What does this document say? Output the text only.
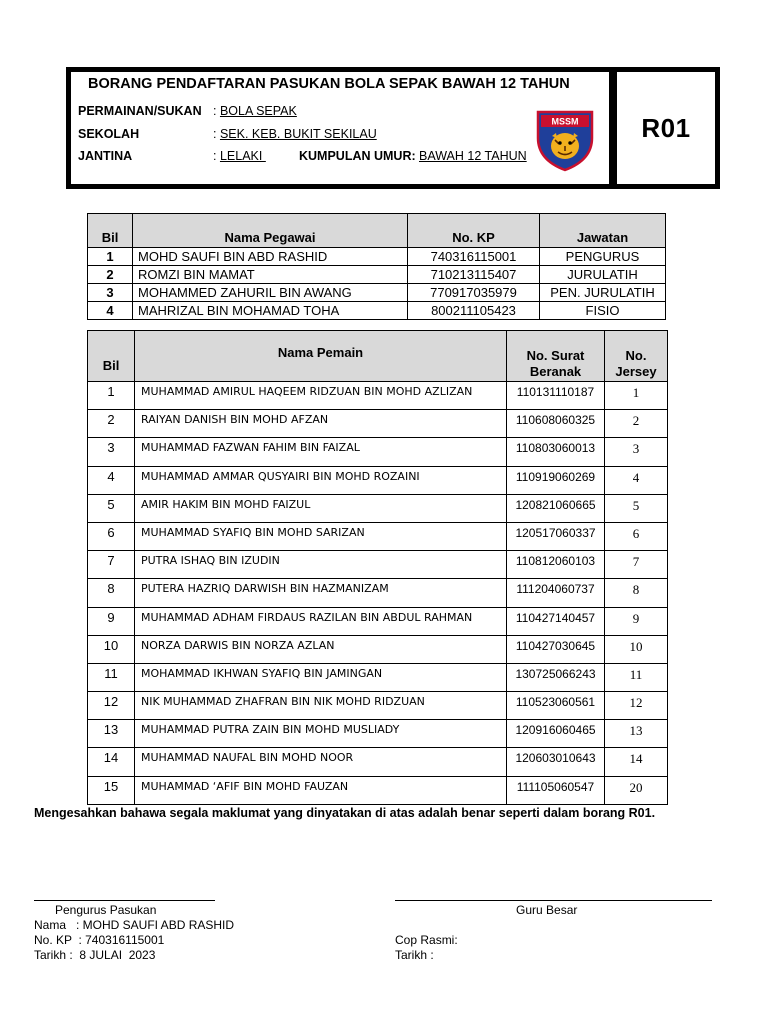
R01
BORANG PENDAFTARAN PASUKAN BOLA SEPAK BAWAH 12 TAHUN
PERMAINAN/SUKAN : BOLA SEPAK
SEKOLAH	: SEK. KEB. BUKIT SEKILAU
JANTINA	: LELAKI	KUMPULAN UMUR: BAWAH 12 TAHUN
MSSM
Bil	Nama Pegawai	No. KP	Jawatan
1	MOHD SAUFI BIN ABD RASHID	740316115001	PENGURUS
2	ROMZI BIN MAMAT	710213115407	JURULATIH
3	MOHAMMED ZAHURIL BIN AWANG	770917035979	PEN. JURULATIH
4	MAHRIZAL BIN MOHAMAD TOHA	800211105423	FISIO
Bil	Nama Pemain	No. Surat Beranak	No. Jersey
1	MUHAMMAD AMIRUL HAQEEM RIDZUAN BIN MOHD AZLIZAN	110131110187	1
2	RAIYAN DANISH BIN MOHD AFZAN	110608060325	2
3	MUHAMMAD FAZWAN FAHIM BIN FAIZAL	110803060013	3
4	MUHAMMAD AMMAR QUSYAIRI BIN MOHD ROZAINI	110919060269	4
5	AMIR HAKIM BIN MOHD FAIZUL	120821060665	5
6	MUHAMMAD SYAFIQ BIN MOHD SARIZAN	120517060337	6
7	PUTRA ISHAQ BIN IZUDIN	110812060103	7
8	PUTERA HAZRIQ DARWISH BIN HAZMANIZAM	111204060737	8
9	MUHAMMAD ADHAM FIRDAUS RAZILAN BIN ABDUL RAHMAN	110427140457	9
10	NORZA DARWIS BIN NORZA AZLAN	110427030645	10
11	MOHAMMAD IKHWAN SYAFIQ BIN JAMINGAN	130725066243	11
12	NIK MUHAMMAD ZHAFRAN BIN NIK MOHD RIDZUAN	110523060561	12
13	MUHAMMAD PUTRA ZAIN BIN MOHD MUSLIADY	120916060465	13
14	MUHAMMAD NAUFAL BIN MOHD NOOR	120603010643	14
15	MUHAMMAD ‘AFIF BIN MOHD FAUZAN	111105060547	20
Mengesahkan bahawa segala maklumat yang dinyatakan di atas adalah benar seperti dalam borang R01.
Pengurus Pasukan
Nama   : MOHD SAUFI ABD RASHID
No. KP  : 740316115001
Tarikh :  8 JULAI  2023
Guru Besar
Cop Rasmi:
Tarikh :
